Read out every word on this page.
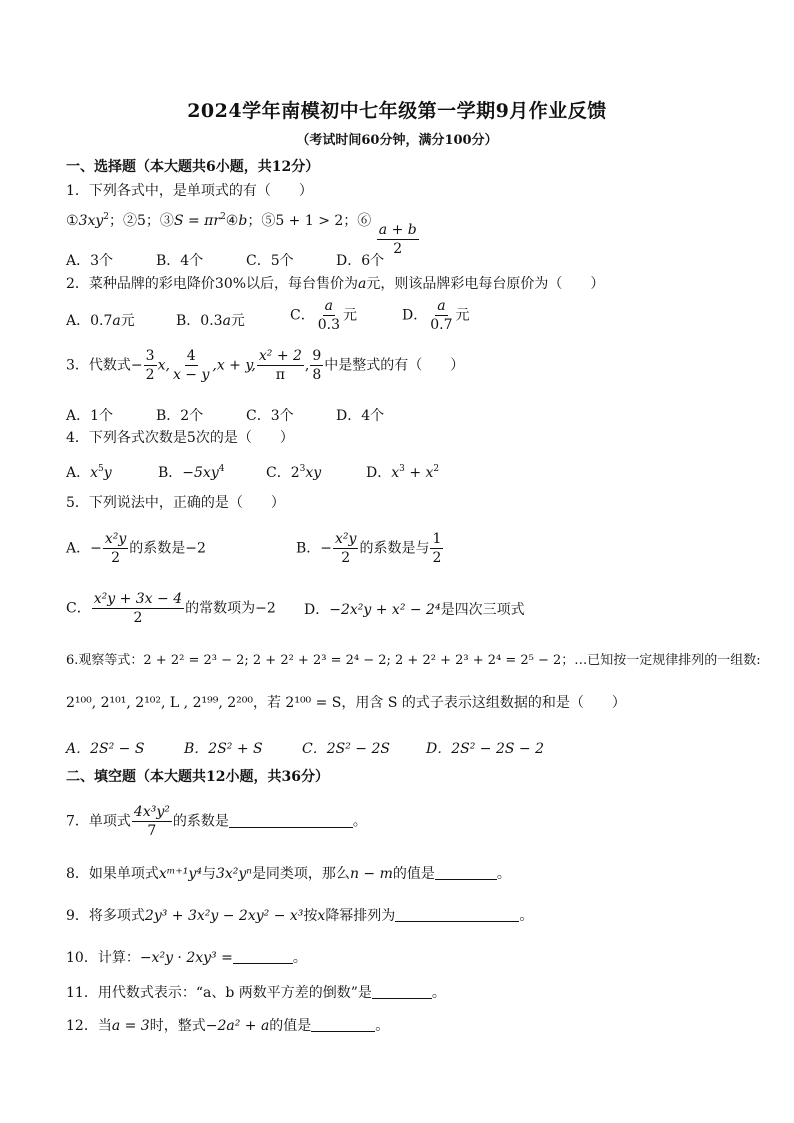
2024学年南模初中七年级第一学期9月作业反馈
（考试时间60分钟，满分100分）
一、选择题（本大题共6小题，共12分）
1．下列各式中，是单项式的有（　　）
$①3xy^2$；②5；③S = $\pi r^2④b$；⑤5 + 1 > 2；⑥
$\frac{a + b}{2}$
A．3个	B．4个	C．5个	D．6个
2．菜种品牌的彩电降价30%以后，每台售价为a元，则该品牌彩电每台原价为（　　）
A．0.7a元	B．0.3a元	C． $\frac{a}{0.3}$ 元	D． $\frac{a}{0.7}$ 元
3．代数式− $\frac{3}{2} x$, $\frac{4}{x - y} ,x + y$, $\frac{\text{x² + 2}}{\pi}$ , $\frac{9}{8}$ 中是整式的有（　　）
A．1个	B．2个	C．3个	D．4个
4．下列各式次数是5次的是（　　）
A．$x^5y$	B．$-5xy^4$	C．$2^3xy$	D．$x^3 + x^2$
5．下列说法中，正确的是（　　）
A．− $\frac{\text{x²y}}{2}$ 的系数是−2	B．− $\frac{\text{x²y}}{2}$ 的系数是与 $\frac{1}{2}$
C． $\frac{\text{x²y + 3x − 4}}{2}$ 的常数项为−2 D．−2x²y + x² − 2⁴是四次三项式
6.观察等式：2 + 2² = 2³ − 2; 2 + 2² + 2³ = 2⁴ − 2; 2 + 2² + 2³ + 2⁴ = 2⁵ − 2；…已知按一定规律排列的一组数:
2¹⁰⁰, 2¹⁰¹, 2¹⁰², L , 2¹⁹⁹, 2²⁰⁰，若 2¹⁰⁰ = S，用含 S 的式子表示这组数据的和是（　　）
A．2S² − S	B．2S² + S	C．2S² − 2S	D．2S² − 2S − 2
二、填空题（本大题共12小题，共36分）
7．单项式 $\frac{\text{4x³y²}}{7}$ 的系数是	。
8．如果单项式xᵐ⁺¹y⁴与3x²yⁿ是同类项，那么n − m的值是	。
9．将多项式2y³ + 3x²y − 2xy² − x³按x降幂排列为	。
10．计算：−x²y · 2xy³ =	。
11．用代数式表示：“a、b 两数平方差的倒数”是	。
12．当a = 3时，整式−2a² + a的值是	。
